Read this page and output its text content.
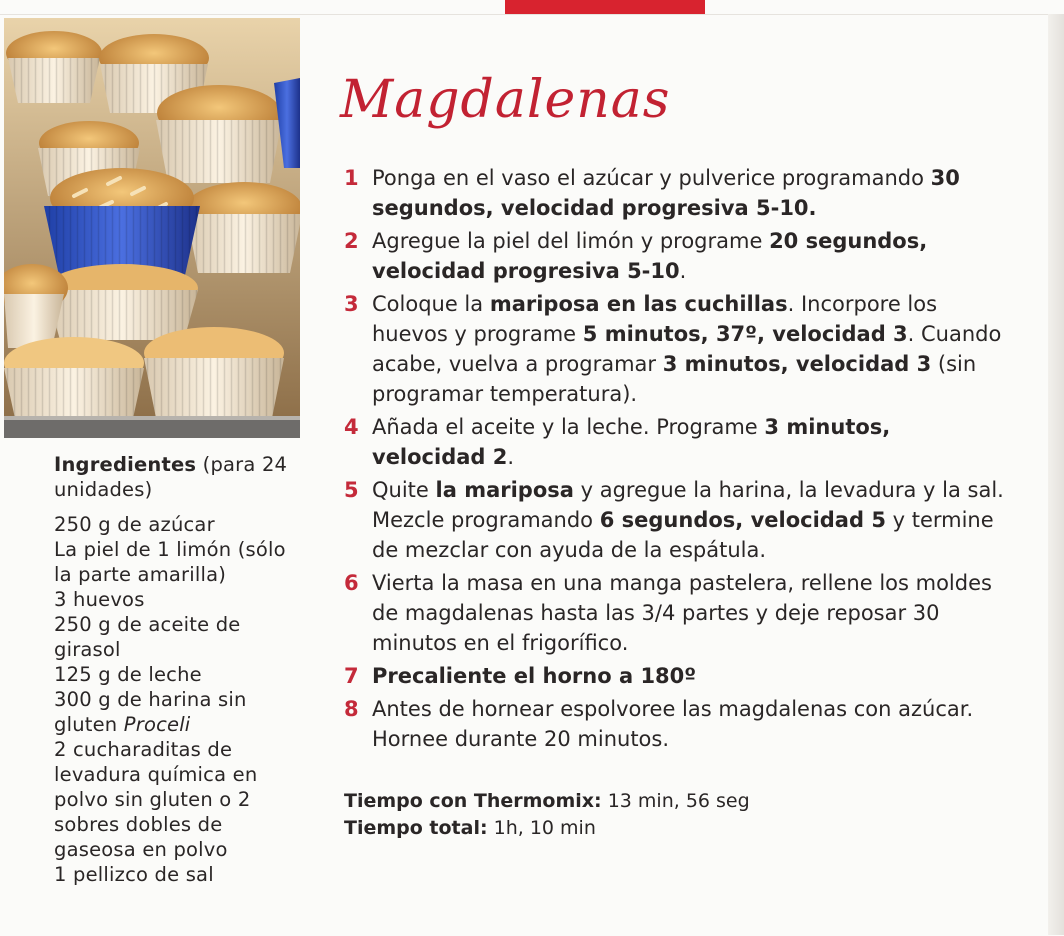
Ingredientes (para 24 unidades)
250 g de azúcar
La piel de 1 limón (sólo la parte amarilla)
3 huevos
250 g de aceite de girasol
125 g de leche
300 g de harina sin gluten Proceli
2 cucharaditas de levadura química en polvo sin gluten o 2 sobres dobles de gaseosa en polvo
1 pellizco de sal
Magdalenas
1 Ponga en el vaso el azúcar y pulverice programando 30 segundos, velocidad progresiva 5-10.
2 Agregue la piel del limón y programe 20 segundos, velocidad progresiva 5-10.
3 Coloque la mariposa en las cuchillas. Incorpore los huevos y programe 5 minutos, 37º, velocidad 3. Cuando acabe, vuelva a programar 3 minutos, velocidad 3 (sin programar temperatura).
4 Añada el aceite y la leche. Programe 3 minutos, velocidad 2.
5 Quite la mariposa y agregue la harina, la levadura y la sal. Mezcle programando 6 segundos, velocidad 5 y termine de mezclar con ayuda de la espátula.
6 Vierta la masa en una manga pastelera, rellene los moldes de magdalenas hasta las 3/4 partes y deje reposar 30 minutos en el frigorífico.
7 Precaliente el horno a 180º
8 Antes de hornear espolvoree las magdalenas con azúcar. Hornee durante 20 minutos.
Tiempo con Thermomix: 13 min, 56 seg
Tiempo total: 1h, 10 min
